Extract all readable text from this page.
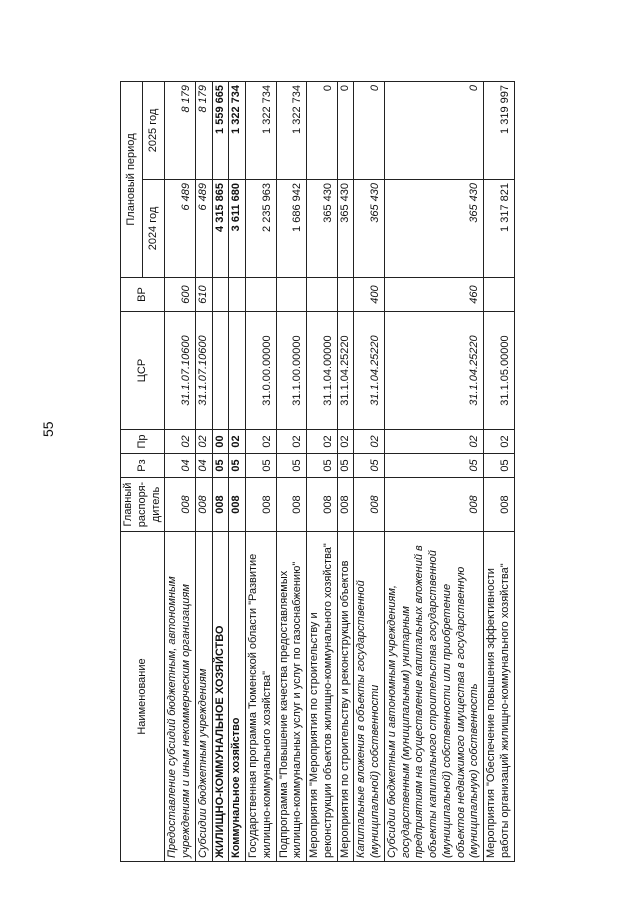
55
Наименование	Главный распоря-дитель	Рз	Пр	ЦСР	ВР	Плановый период	
						2024 год	2025 год
Предоставление субсидий бюджетным, автономным учреждениям и иным некоммерческим организациям	008	04	02	31.1.07.10600	600	6 489	8 179
Субсидии бюджетным учреждениям	008	04	02	31.1.07.10600	610	6 489	8 179
ЖИЛИЩНО-КОММУНАЛЬНОЕ ХОЗЯЙСТВО	008	05	00			4 315 865	1 559 665
Коммунальное хозяйство	008	05	02			3 611 680	1 322 734
Государственная программа Тюменской области "Развитие жилищно-коммунального хозяйства"	008	05	02	31.0.00.00000		2 235 963	1 322 734
Подпрограмма "Повышение качества предоставляемых жилищно-коммунальных услуг и услуг по газоснабжению"	008	05	02	31.1.00.00000		1 686 942	1 322 734
Мероприятия "Мероприятия по строительству и реконструкции объектов жилищно-коммунального хозяйства"	008	05	02	31.1.04.00000		365 430	0
Мероприятия по строительству и реконструкции объектов	008	05	02	31.1.04.25220		365 430	0
Капитальные вложения в объекты государственной (муниципальной) собственности	008	05	02	31.1.04.25220	400	365 430	0
Субсидии бюджетным и автономным учреждениям, государственным (муниципальным) унитарным предприятиям на осуществление капитальных вложений в объекты капитального строительства государственной (муниципальной) собственности или приобретение объектов недвижимого имущества в государственную (муниципальную) собственность	008	05	02	31.1.04.25220	460	365 430	0
Мероприятия "Обеспечение повышения эффективности работы организаций жилищно-коммунального хозяйства"	008	05	02	31.1.05.00000		1 317 821	1 319 997
